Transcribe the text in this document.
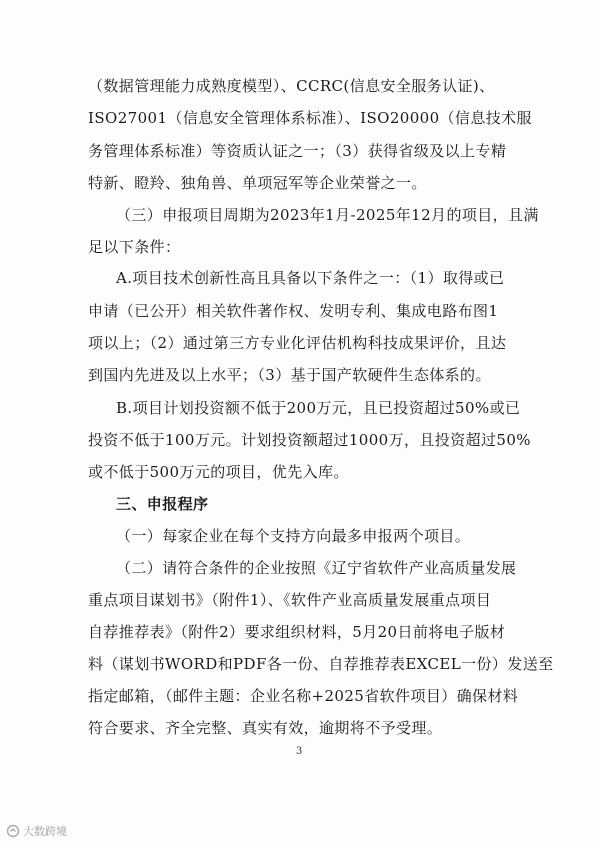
（数据管理能力成熟度模型）、CCRC(信息安全服务认证)、
ISO27001（信息安全管理体系标准）、ISO20000（信息技术服
务管理体系标准）等资质认证之一；（3）获得省级及以上专精
特新、瞪羚、独角兽、单项冠军等企业荣誉之一。
（三）申报项目周期为2023年1月-2025年12月的项目，且满
足以下条件：
A.项目技术创新性高且具备以下条件之一：（1）取得或已
申请（已公开）相关软件著作权、发明专利、集成电路布图1
项以上；（2）通过第三方专业化评估机构科技成果评价，且达
到国内先进及以上水平；（3）基于国产软硬件生态体系的。
B.项目计划投资额不低于200万元，且已投资超过50%或已
投资不低于100万元。计划投资额超过1000万，且投资超过50%
或不低于500万元的项目，优先入库。
三、申报程序
（一）每家企业在每个支持方向最多申报两个项目。
（二）请符合条件的企业按照《辽宁省软件产业高质量发展
重点项目谋划书》（附件1）、《软件产业高质量发展重点项目
自荐推荐表》（附件2）要求组织材料，5月20日前将电子版材
料（谋划书WORD和PDF各一份、自荐推荐表EXCEL一份）发送至
指定邮箱，（邮件主题：企业名称+2025省软件项目）确保材料
符合要求、齐全完整、真实有效，逾期将不予受理。
3
大数跨境
